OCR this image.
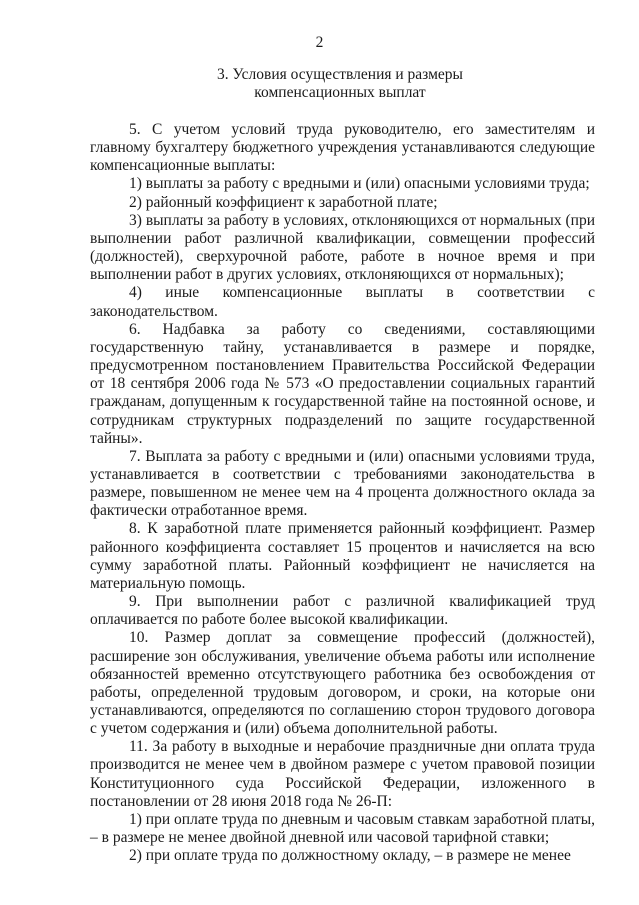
2
3. Условия осуществления и размеры
компенсационных выплат

5. С учетом условий труда руководителю, его заместителям и главному бухгалтеру бюджетного учреждения устанавливаются следующие компенсационные выплаты:

1) выплаты за работу с вредными и (или) опасными условиями труда;

2) районный коэффициент к заработной плате;

3) выплаты за работу в условиях, отклоняющихся от нормальных (при выполнении работ различной квалификации, совмещении профессий (должностей), сверхурочной работе, работе в ночное время и при выполнении работ в других условиях, отклоняющихся от нормальных);

4) иные компенсационные выплаты в соответствии с законодательством.

6. Надбавка за работу со сведениями, составляющими государственную тайну, устанавливается в размере и порядке, предусмотренном постановлением Правительства Российской Федерации от 18 сентября 2006 года № 573 «О предоставлении социальных гарантий гражданам, допущенным к государственной тайне на постоянной основе, и сотрудникам структурных подразделений по защите государственной тайны».

7. Выплата за работу с вредными и (или) опасными условиями труда, устанавливается в соответствии с требованиями законодательства в размере, повышенном не менее чем на 4 процента должностного оклада за фактически отработанное время.

8. К заработной плате применяется районный коэффициент. Размер районного коэффициента составляет 15 процентов и начисляется на всю сумму заработной платы. Районный коэффициент не начисляется на материальную помощь.

9. При выполнении работ с различной квалификацией труд оплачивается по работе более высокой квалификации.

10. Размер доплат за совмещение профессий (должностей), расширение зон обслуживания, увеличение объема работы или исполнение обязанностей временно отсутствующего работника без освобождения от работы, определенной трудовым договором, и сроки, на которые они устанавливаются, определяются по соглашению сторон трудового договора с учетом содержания и (или) объема дополнительной работы.

11. За работу в выходные и нерабочие праздничные дни оплата труда производится не менее чем в двойном размере с учетом правовой позиции Конституционного суда Российской Федерации, изложенного в постановлении от 28 июня 2018 года № 26-П:

1) при оплате труда по дневным и часовым ставкам заработной платы, – в размере не менее двойной дневной или часовой тарифной ставки;

2) при оплате труда по должностному окладу, – в размере не менее
